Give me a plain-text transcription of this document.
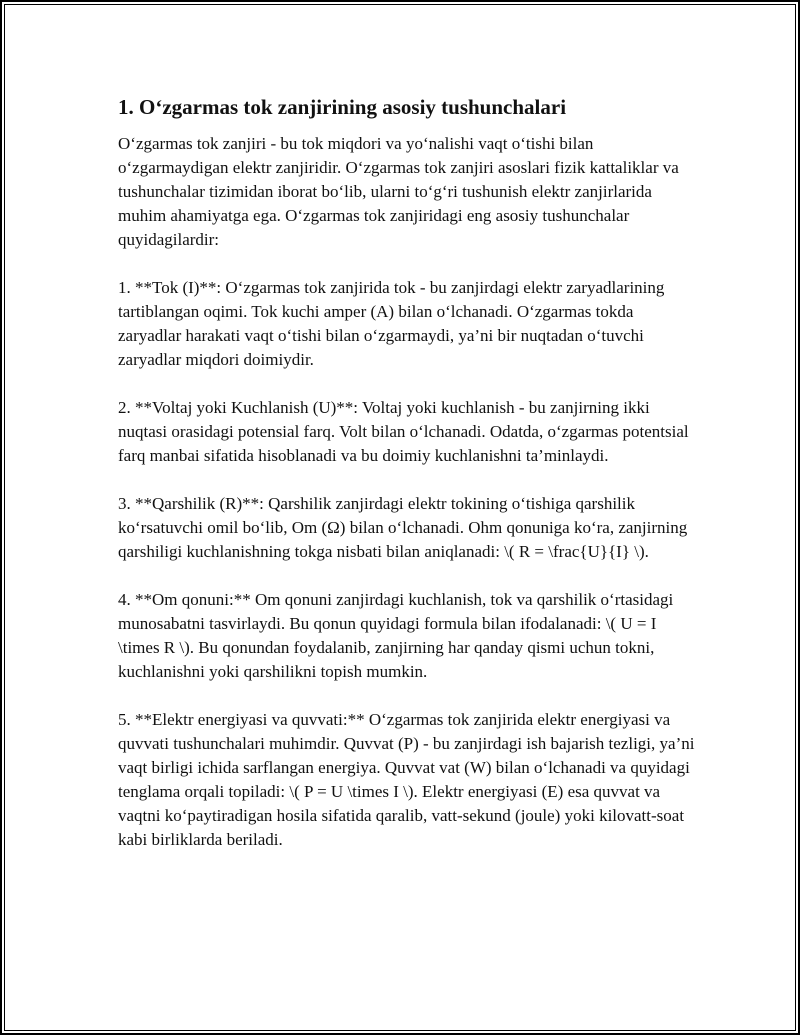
1. O‘zgarmas tok zanjirining asosiy tushunchalari

O‘zgarmas tok zanjiri - bu tok miqdori va yo‘nalishi vaqt o‘tishi bilan o‘zgarmaydigan elektr zanjiridir. O‘zgarmas tok zanjiri asoslari fizik kattaliklar va tushunchalar tizimidan iborat bo‘lib, ularni to‘g‘ri tushunish elektr zanjirlarida muhim ahamiyatga ega. O‘zgarmas tok zanjiridagi eng asosiy tushunchalar quyidagilardir:

1. **Tok (I)**: O‘zgarmas tok zanjirida tok - bu zanjirdagi elektr zaryadlarining tartiblangan oqimi. Tok kuchi amper (A) bilan o‘lchanadi. O‘zgarmas tokda zaryadlar harakati vaqt o‘tishi bilan o‘zgarmaydi, ya’ni bir nuqtadan o‘tuvchi zaryadlar miqdori doimiydir.

2. **Voltaj yoki Kuchlanish (U)**: Voltaj yoki kuchlanish - bu zanjirning ikki nuqtasi orasidagi potensial farq. Volt bilan o‘lchanadi. Odatda, o‘zgarmas potentsial farq manbai sifatida hisoblanadi va bu doimiy kuchlanishni ta’minlaydi.

3. **Qarshilik (R)**: Qarshilik zanjirdagi elektr tokining o‘tishiga qarshilik ko‘rsatuvchi omil bo‘lib, Om (Ω) bilan o‘lchanadi. Ohm qonuniga ko‘ra, zanjirning qarshiligi kuchlanishning tokga nisbati bilan aniqlanadi: \( R = \frac{U}{I} \).

4. **Om qonuni:** Om qonuni zanjirdagi kuchlanish, tok va qarshilik o‘rtasidagi munosabatni tasvirlaydi. Bu qonun quyidagi formula bilan ifodalanadi: \( U = I \times R \). Bu qonundan foydalanib, zanjirning har qanday qismi uchun tokni, kuchlanishni yoki qarshilikni topish mumkin.

5. **Elektr energiyasi va quvvati:** O‘zgarmas tok zanjirida elektr energiyasi va quvvati tushunchalari muhimdir. Quvvat (P) - bu zanjirdagi ish bajarish tezligi, ya’ni vaqt birligi ichida sarflangan energiya. Quvvat vat (W) bilan o‘lchanadi va quyidagi tenglama orqali topiladi: \( P = U \times I \). Elektr energiyasi (E) esa quvvat va vaqtni ko‘paytiradigan hosila sifatida qaralib, vatt-sekund (joule) yoki kilovatt-soat kabi birliklarda beriladi.
